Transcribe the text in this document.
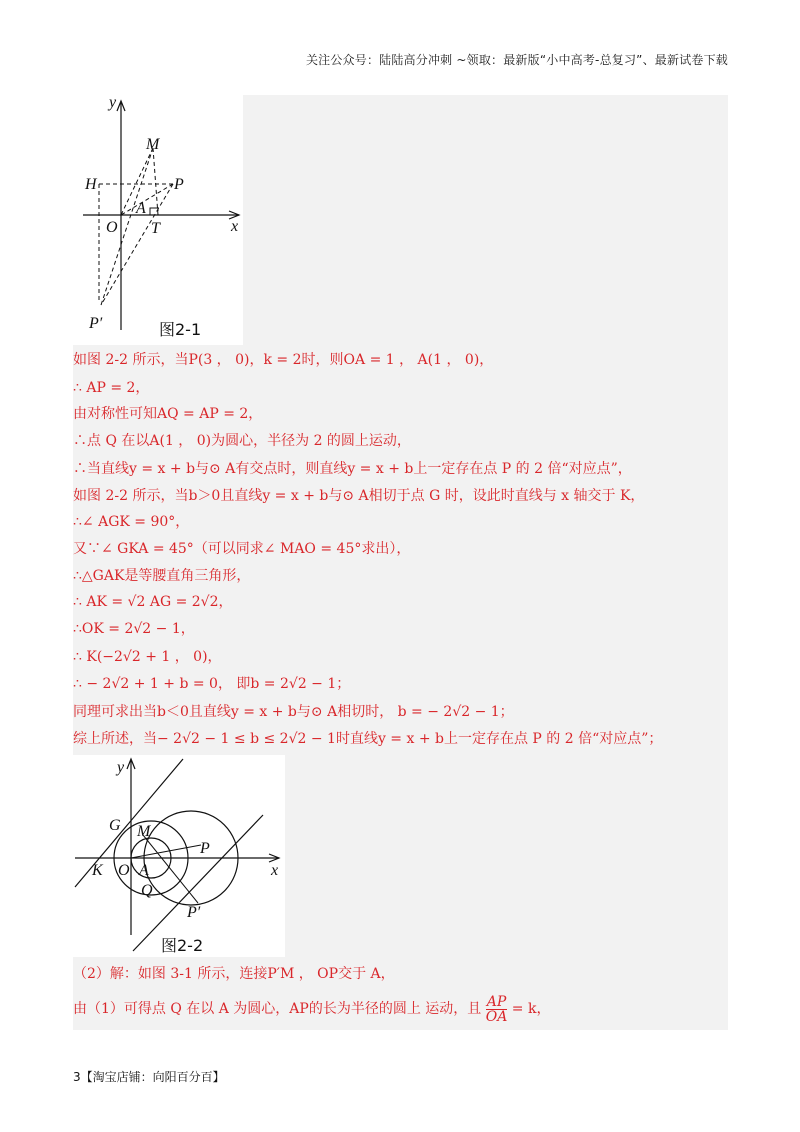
关注公众号：陆陆高分冲刺 ~领取：最新版“小中高考-总复习”、最新试卷下载
y
x
M
H	P
O
A
T
P′	图2-1
如图 2-2 所示，当P(3 ， 0)，k = 2时，则OA = 1 ， A(1 ， 0)，
∴ AP = 2，
由对称性可知AQ = AP = 2，
∴点 Q 在以A(1 ， 0)为圆心，半径为 2 的圆上运动，
∴当直线y = x + b与⊙ A有交点时，则直线y = x + b上一定存在点 P 的 2 倍“对应点”，
如图 2-2 所示，当b＞0且直线y = x + b与⊙ A相切于点 G 时，设此时直线与 x 轴交于 K，
∴∠ AGK = 90°，
又∵∠ GKA = 45°（可以同求∠ MAO = 45°求出），
∴△GAK是等腰直角三角形，
∴ AK = √2 AG = 2√2，
∴OK = 2√2 − 1，
∴ K(−2√2 + 1 ， 0)，
∴ − 2√2 + 1 + b = 0， 即b = 2√2 − 1；
同理可求出当b＜0且直线y = x + b与⊙ A相切时， b = − 2√2 − 1；
综上所述，当− 2√2 − 1 ≤ b ≤ 2√2 − 1时直线y = x + b上一定存在点 P 的 2 倍“对应点”；
y
x
G M
P
K O A
Q
P′
图2-2
（2）解：如图 3-1 所示，连接P′M ， OP交于 A，
由（1）可得点 Q 在以 A 为圆心，AP的长为半径的圆上 运动，且 $\frac{AP}{OA} = k$，
3【淘宝店铺：向阳百分百】
